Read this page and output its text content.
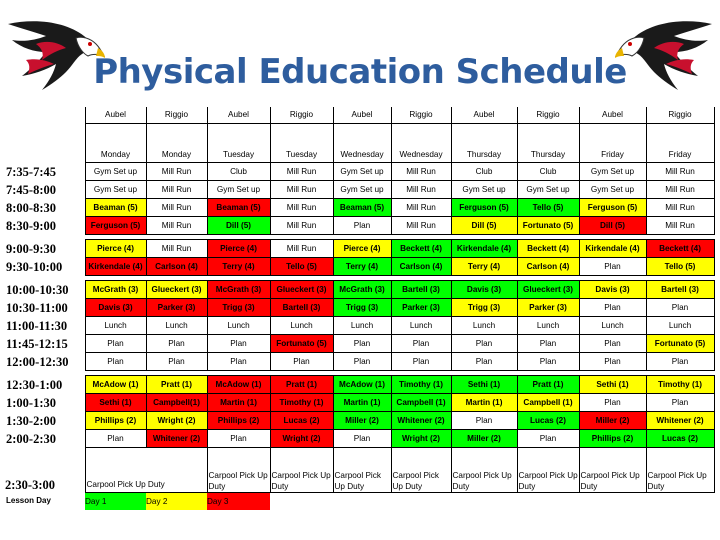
Physical Education Schedule
	Aubel	Riggio	Aubel	Riggio	Aubel	Riggio	Aubel	Riggio	Aubel	Riggio
	Monday	Monday	Tuesday	Tuesday	Wednesday	Wednesday	Thursday	Thursday	Friday	Friday
7:35-7:45	Gym Set up	Mill Run	Club	Mill Run	Gym Set up	Mill Run	Club	Club	Gym Set up	Mill Run
7:45-8:00	Gym Set up	Mill Run	Gym Set up	Mill Run	Gym Set up	Mill Run	Gym Set up	Gym Set up	Gym Set up	Mill Run
8:00-8:30	Beaman (5)	Mill Run	Beaman (5)	Mill Run	Beaman (5)	Mill Run	Ferguson (5)	Tello (5)	Ferguson (5)	Mill Run
8:30-9:00	Ferguson (5)	Mill Run	Dill (5)	Mill Run	Plan	Mill Run	Dill (5)	Fortunato (5)	Dill (5)	Mill Run

9:00-9:30	Pierce (4)	Mill Run	Pierce (4)	Mill Run	Pierce (4)	Beckett (4)	Kirkendale (4)	Beckett (4)	Kirkendale (4)	Beckett (4)
9:30-10:00	Kirkendale (4)	Carlson (4)	Terry (4)	Tello (5)	Terry (4)	Carlson (4)	Terry (4)	Carlson (4)	Plan	Tello (5)

10:00-10:30	McGrath (3)	Glueckert (3)	McGrath (3)	Glueckert (3)	McGrath (3)	Bartell (3)	Davis (3)	Glueckert (3)	Davis (3)	Bartell (3)
10:30-11:00	Davis (3)	Parker (3)	Trigg (3)	Bartell (3)	Trigg (3)	Parker (3)	Trigg (3)	Parker (3)	Plan	Plan
11:00-11:30	Lunch	Lunch	Lunch	Lunch	Lunch	Lunch	Lunch	Lunch	Lunch	Lunch
11:45-12:15	Plan	Plan	Plan	Fortunato (5)	Plan	Plan	Plan	Plan	Plan	Fortunato (5)
12:00-12:30	Plan	Plan	Plan	Plan	Plan	Plan	Plan	Plan	Plan	Plan

12:30-1:00	McAdow (1)	Pratt (1)	McAdow (1)	Pratt (1)	McAdow (1)	Timothy (1)	Sethi (1)	Pratt (1)	Sethi (1)	Timothy (1)
1:00-1:30	Sethi (1)	Campbell(1)	Martin (1)	Timothy (1)	Martin (1)	Campbell (1)	Martin (1)	Campbell (1)	Plan	Plan
1:30-2:00	Phillips (2)	Wright (2)	Phillips (2)	Lucas (2)	Miller (2)	Whitener (2)	Plan	Lucas (2)	Miller (2)	Whitener (2)
2:00-2:30	Plan	Whitener (2)	Plan	Wright (2)	Plan	Wright (2)	Miller (2)	Plan	Phillips (2)	Lucas (2)
2:30-3:00	Carpool Pick Up Duty		Carpool Pick Up Duty	Carpool Pick Up Duty	Carpool Pick Up Duty	Carpool Pick Up Duty	Carpool Pick Up Duty	Carpool Pick Up Duty	Carpool Pick Up Duty	Carpool Pick Up Duty
Lesson Day	Day 1	Day 2	Day 3							
